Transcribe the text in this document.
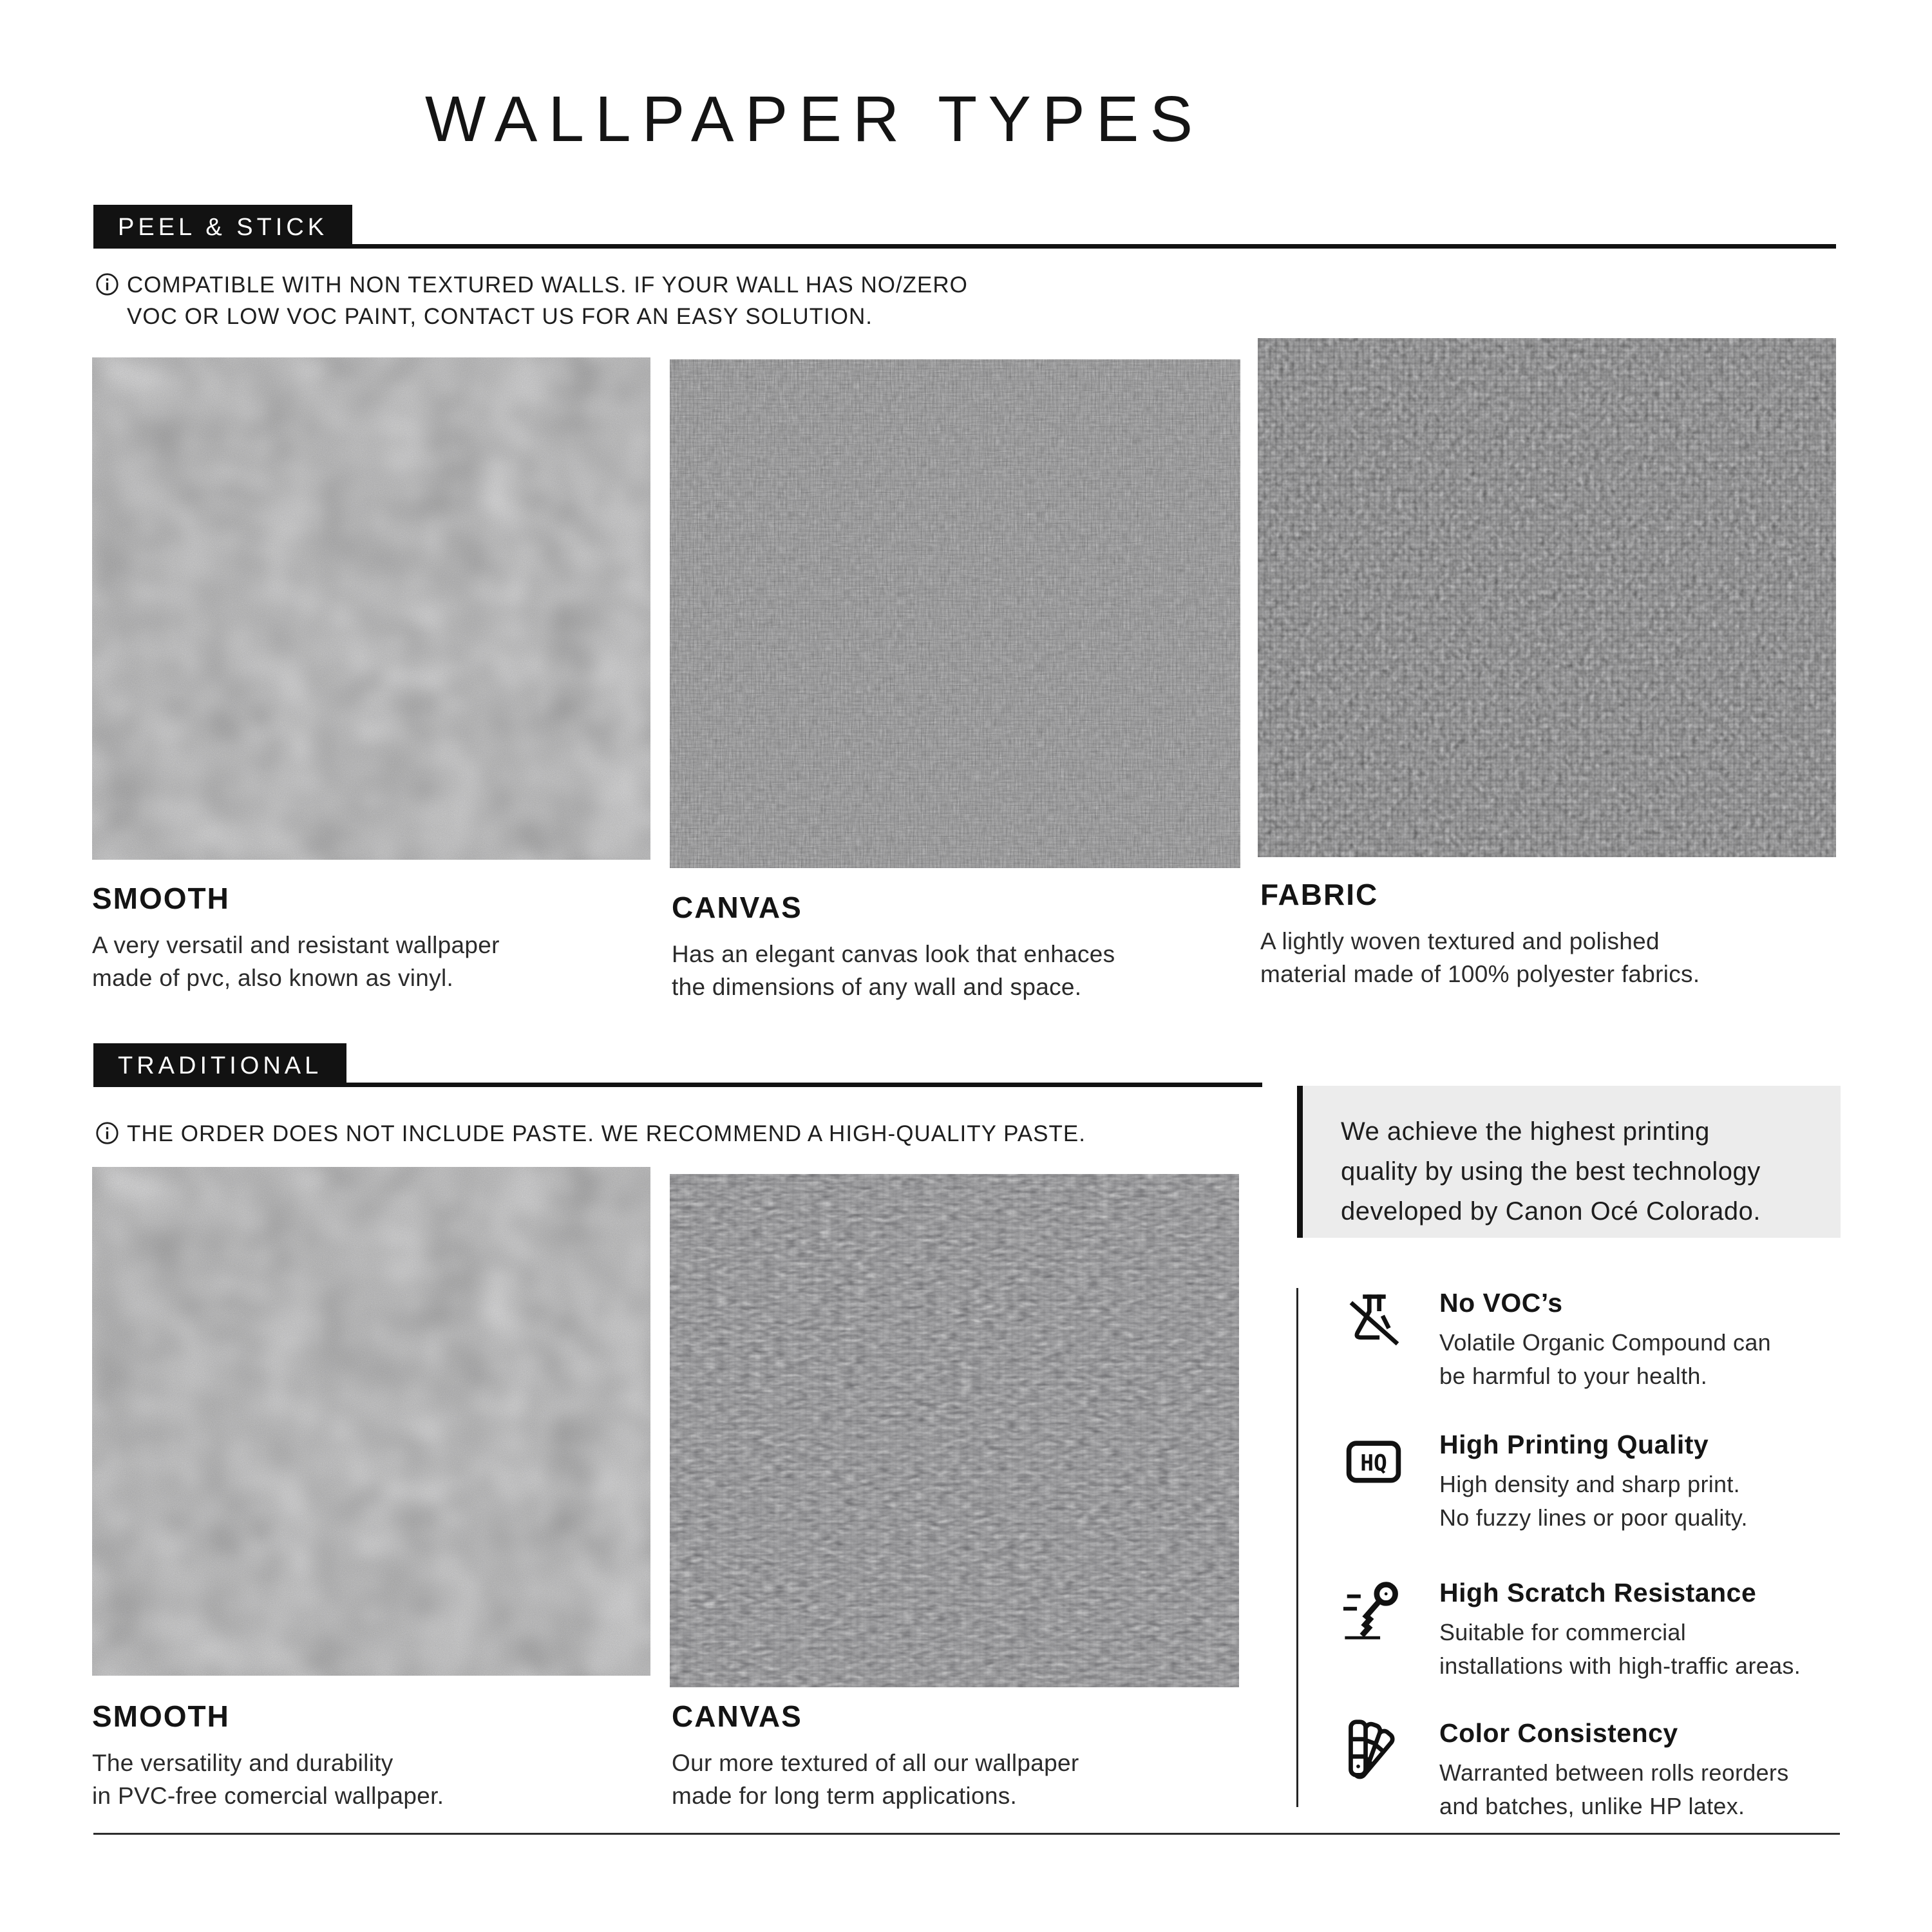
WALLPAPER TYPES
PEEL & STICK
COMPATIBLE WITH NON TEXTURED WALLS. IF YOUR WALL HAS NO/ZERO
VOC OR LOW VOC PAINT, CONTACT US FOR AN EASY SOLUTION.
SMOOTH

A very versatil and resistant wallpaper
made of pvc, also known as vinyl.

CANVAS

Has an elegant canvas look that enhaces
the dimensions of any wall and space.

FABRIC

A lightly woven textured and polished
material made of 100% polyester fabrics.

TRADITIONAL
THE ORDER DOES NOT INCLUDE PASTE. WE RECOMMEND A HIGH-QUALITY PASTE.
SMOOTH

The versatility and durability
in PVC-free comercial wallpaper.

CANVAS

Our more textured of all our wallpaper
made for long term applications.

We achieve the highest printing
quality by using the best technology
developed by Canon Océ Colorado.
No VOC’s

Volatile Organic Compound can
be harmful to your health.

HQ
High Printing Quality

High density and sharp print.
No fuzzy lines or poor quality.

High Scratch Resistance

Suitable for commercial
installations with high-traffic areas.

Color Consistency

Warranted between rolls reorders
and batches, unlike HP latex.
